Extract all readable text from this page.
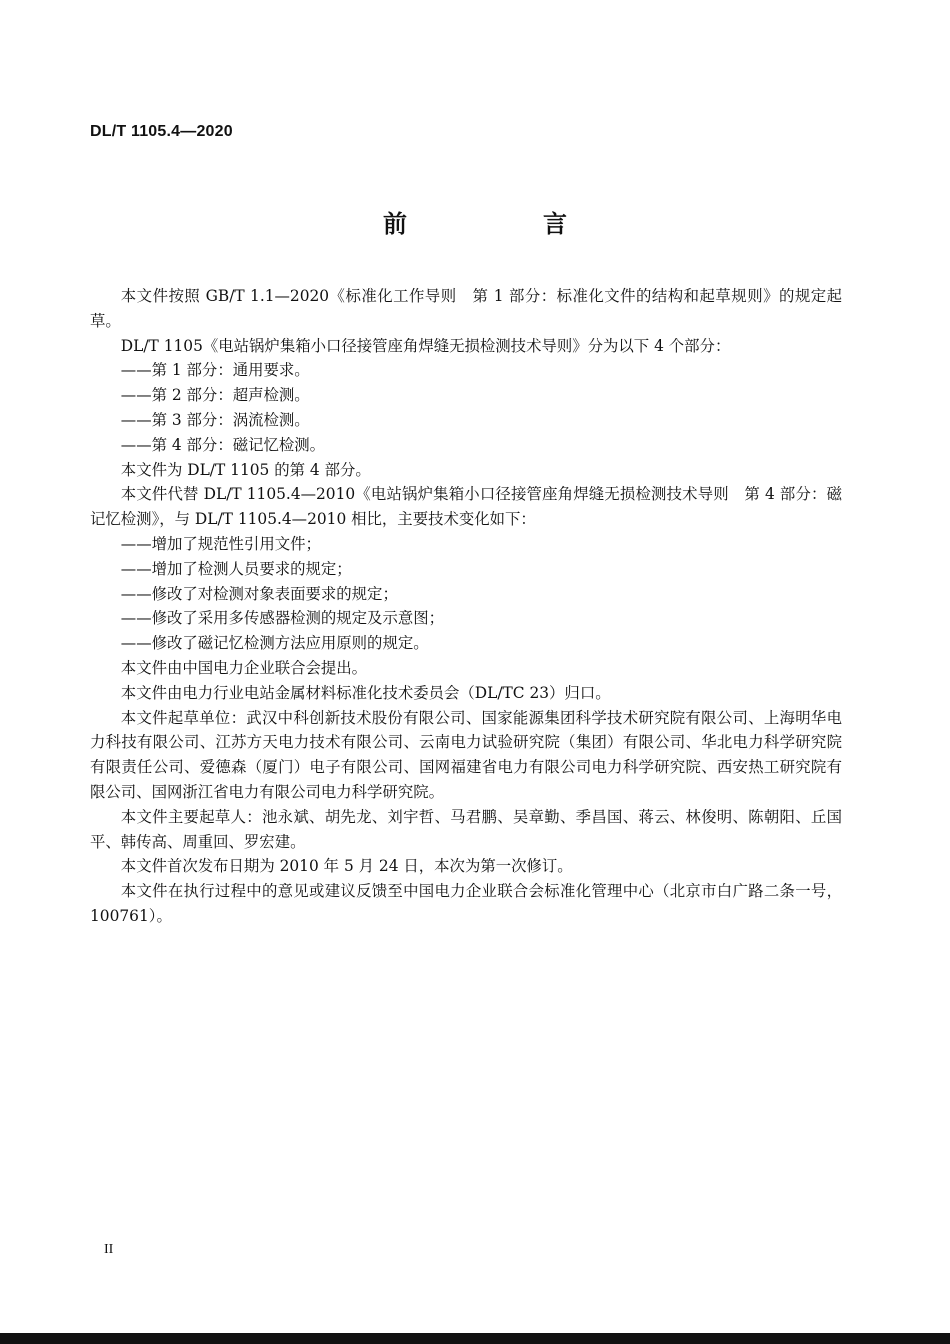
DL/T 1105.4—2020
前　言

本文件按照 GB/T 1.1—2020《标准化工作导则　第 1 部分：标准化文件的结构和起草规则》的规定起草。

DL/T 1105《电站锅炉集箱小口径接管座角焊缝无损检测技术导则》分为以下 4 个部分：

——第 1 部分：通用要求。

——第 2 部分：超声检测。

——第 3 部分：涡流检测。

——第 4 部分：磁记忆检测。

本文件为 DL/T 1105 的第 4 部分。

本文件代替 DL/T 1105.4—2010《电站锅炉集箱小口径接管座角焊缝无损检测技术导则　第 4 部分：磁记忆检测》，与 DL/T 1105.4—2010 相比，主要技术变化如下：

——增加了规范性引用文件；

——增加了检测人员要求的规定；

——修改了对检测对象表面要求的规定；

——修改了采用多传感器检测的规定及示意图；

——修改了磁记忆检测方法应用原则的规定。

本文件由中国电力企业联合会提出。

本文件由电力行业电站金属材料标准化技术委员会（DL/TC 23）归口。

本文件起草单位：武汉中科创新技术股份有限公司、国家能源集团科学技术研究院有限公司、上海明华电力科技有限公司、江苏方天电力技术有限公司、云南电力试验研究院（集团）有限公司、华北电力科学研究院有限责任公司、爱德森（厦门）电子有限公司、国网福建省电力有限公司电力科学研究院、西安热工研究院有限公司、国网浙江省电力有限公司电力科学研究院。

本文件主要起草人：池永斌、胡先龙、刘宇哲、马君鹏、吴章勤、季昌国、蒋云、林俊明、陈朝阳、丘国平、韩传高、周重回、罗宏建。

本文件首次发布日期为 2010 年 5 月 24 日，本次为第一次修订。

本文件在执行过程中的意见或建议反馈至中国电力企业联合会标准化管理中心（北京市白广路二条一号，100761）。

II
